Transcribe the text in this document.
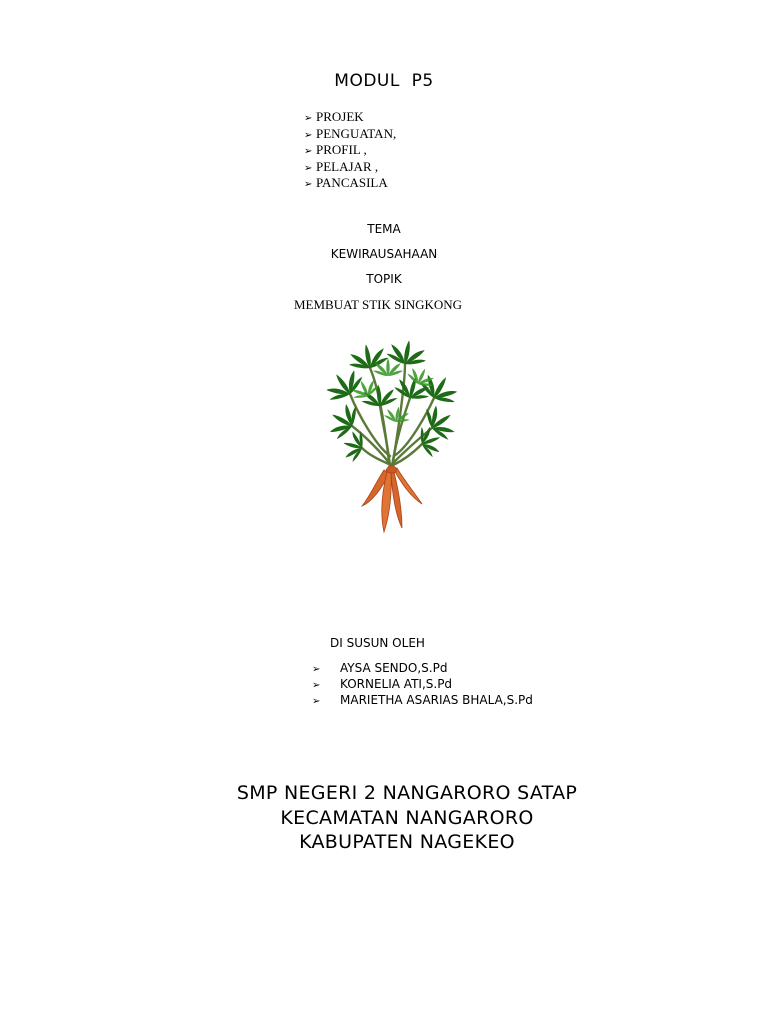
MODUL  P5
➢ PROJEK
➢ PENGUATAN,
➢ PROFIL ,
➢ PELAJAR ,
➢ PANCASILA
TEMA
KEWIRAUSAHAAN
TOPIK
MEMBUAT STIK SINGKONG
DI SUSUN OLEH
➢ AYSA SENDO,S.Pd
➢ KORNELIA ATI,S.Pd
➢ MARIETHA ASARIAS BHALA,S.Pd
SMP NEGERI 2 NANGARORO SATAP
KECAMATAN NANGARORO
KABUPATEN NAGEKEO
